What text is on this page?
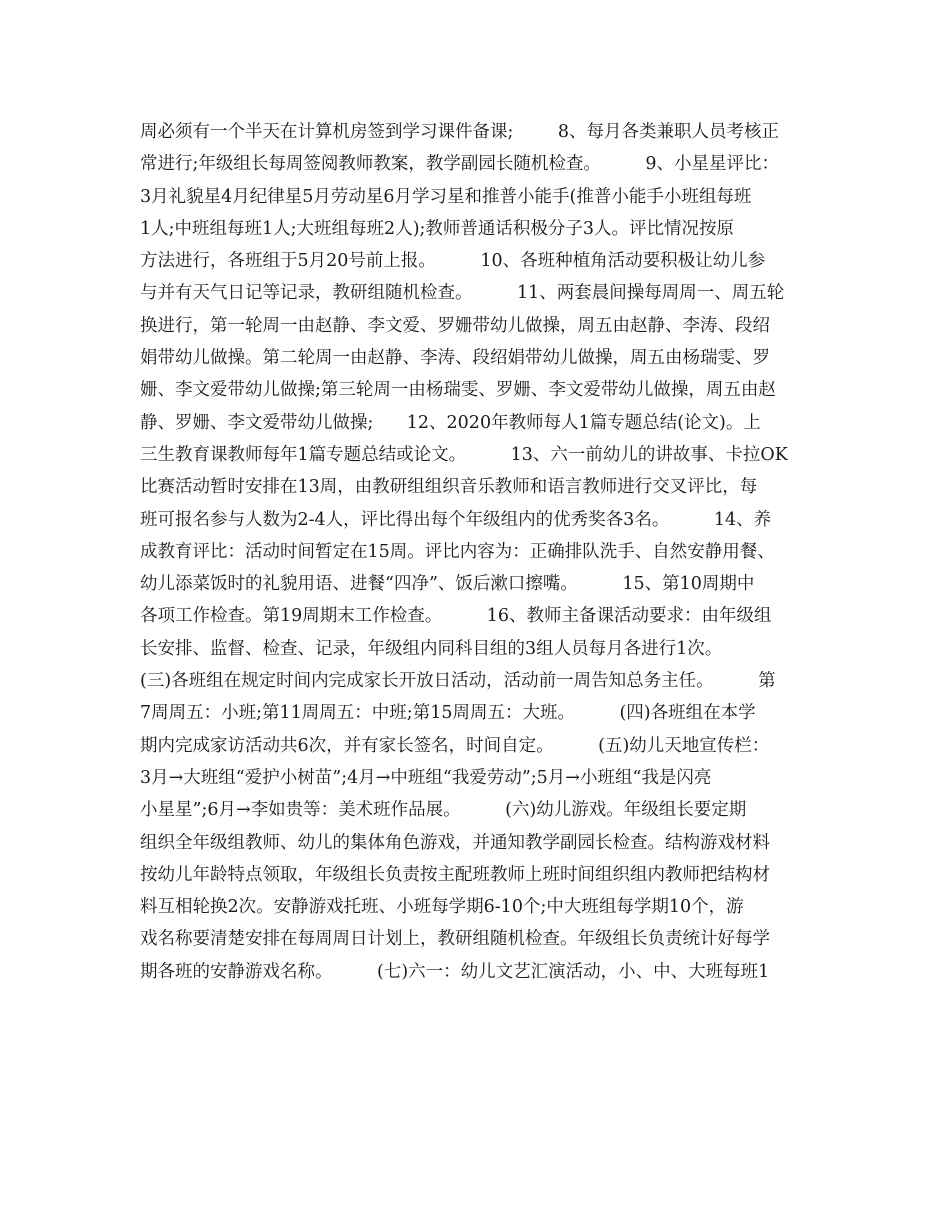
周必须有一个半天在计算机房签到学习课件备课;        8、每月各类兼职人员考核正
常进行;年级组长每周签阅教师教案，教学副园长随机检查。        9、小星星评比：
3月礼貌星4月纪律星5月劳动星6月学习星和推普小能手(推普小能手小班组每班
1人;中班组每班1人;大班组每班2人);教师普通话积极分子3人。评比情况按原
方法进行，各班组于5月20号前上报。        10、各班种植角活动要积极让幼儿参
与并有天气日记等记录，教研组随机检查。        11、两套晨间操每周周一、周五轮
换进行，第一轮周一由赵静、李文爱、罗姗带幼儿做操，周五由赵静、李涛、段绍
娟带幼儿做操。第二轮周一由赵静、李涛、段绍娟带幼儿做操，周五由杨瑞雯、罗
姗、李文爱带幼儿做操;第三轮周一由杨瑞雯、罗姗、李文爱带幼儿做操，周五由赵
静、罗姗、李文爱带幼儿做操;      12、2020年教师每人1篇专题总结(论文)。上
三生教育课教师每年1篇专题总结或论文。        13、六一前幼儿的讲故事、卡拉OK
比赛活动暂时安排在13周，由教研组组织音乐教师和语言教师进行交叉评比，每
班可报名参与人数为2-4人，评比得出每个年级组内的优秀奖各3名。        14、养
成教育评比：活动时间暂定在15周。评比内容为：正确排队洗手、自然安静用餐、
幼儿添菜饭时的礼貌用语、进餐“四净”、饭后漱口擦嘴。        15、第10周期中
各项工作检查。第19周期末工作检查。        16、教师主备课活动要求：由年级组
长安排、监督、检查、记录，年级组内同科目组的3组人员每月各进行1次。
(三)各班组在规定时间内完成家长开放日活动，活动前一周告知总务主任。        第
7周周五：小班;第11周周五：中班;第15周周五：大班。        (四)各班组在本学
期内完成家访活动共6次，并有家长签名，时间自定。        (五)幼儿天地宣传栏：
3月→大班组“爱护小树苗”;4月→中班组“我爱劳动”;5月→小班组“我是闪亮
小星星”;6月→李如贵等：美术班作品展。        (六)幼儿游戏。年级组长要定期
组织全年级组教师、幼儿的集体角色游戏，并通知教学副园长检查。结构游戏材料
按幼儿年龄特点领取，年级组长负责按主配班教师上班时间组织组内教师把结构材
料互相轮换2次。安静游戏托班、小班每学期6-10个;中大班组每学期10个，游
戏名称要清楚安排在每周周日计划上，教研组随机检查。年级组长负责统计好每学
期各班的安静游戏名称。        (七)六一：幼儿文艺汇演活动，小、中、大班每班1
